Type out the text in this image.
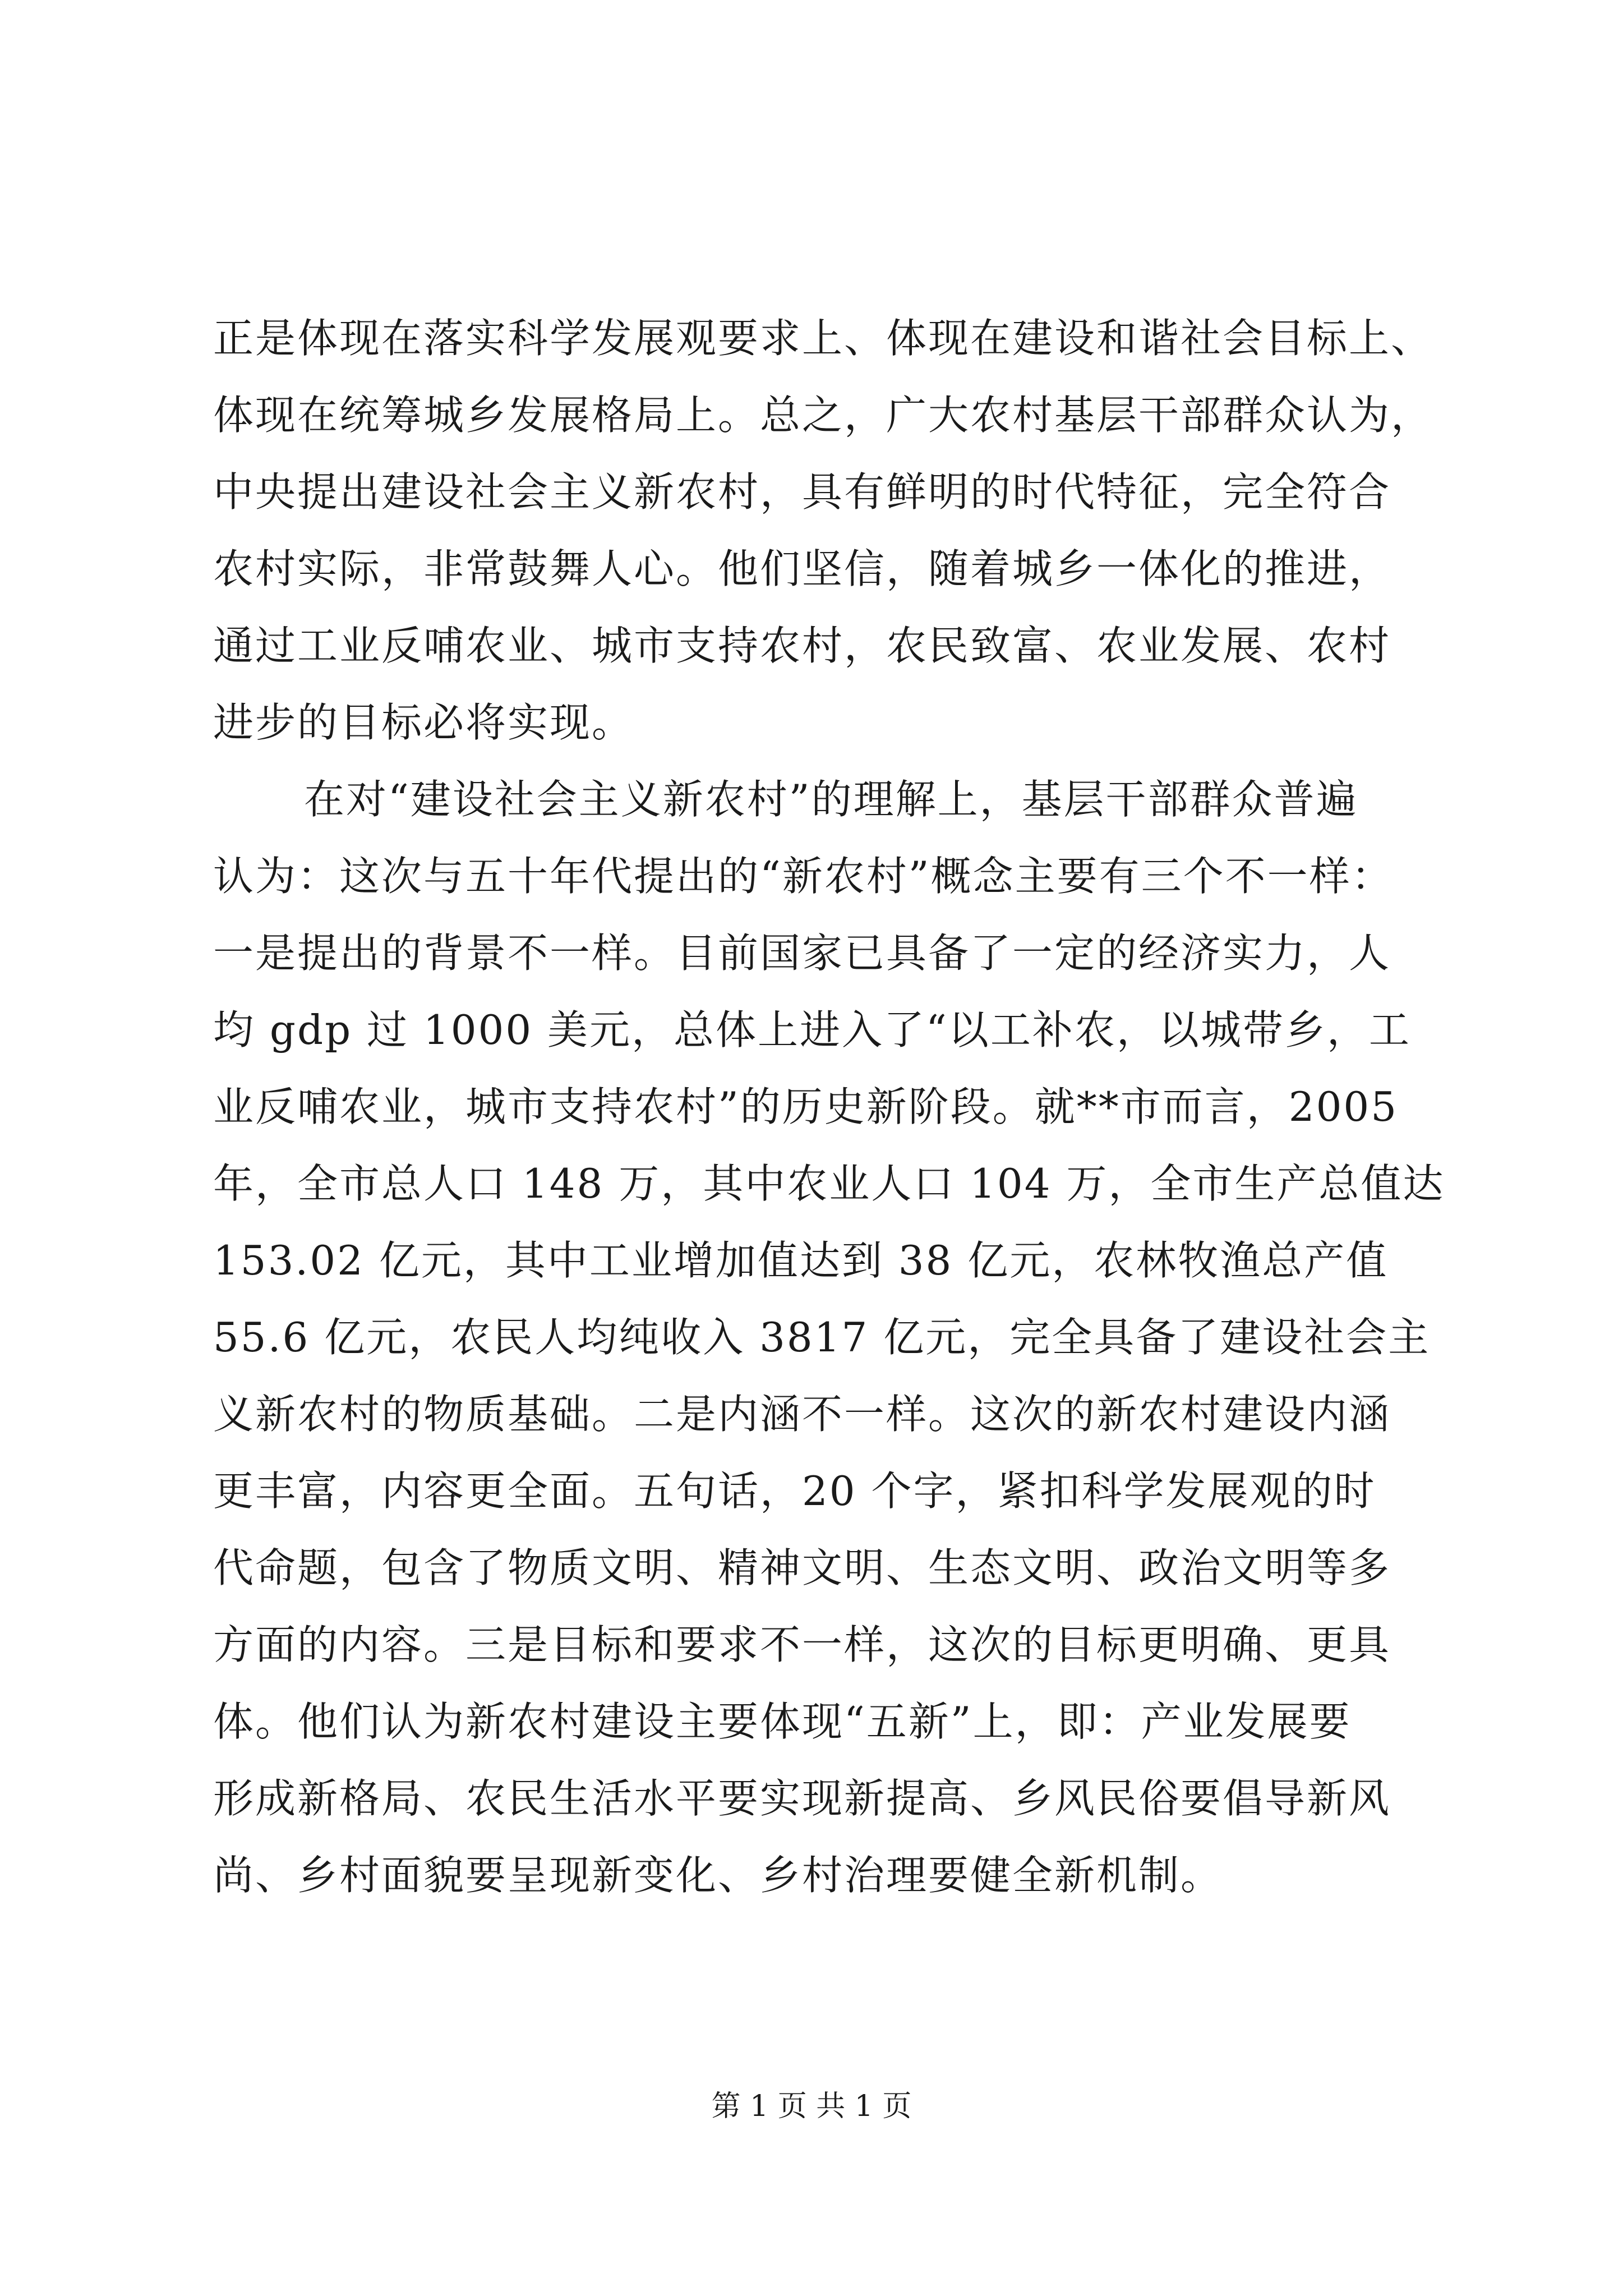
正是体现在落实科学发展观要求上、体现在建设和谐社会目标上、
体现在统筹城乡发展格局上。总之，广大农村基层干部群众认为，
中央提出建设社会主义新农村，具有鲜明的时代特征，完全符合
农村实际，非常鼓舞人心。他们坚信，随着城乡一体化的推进，
通过工业反哺农业、城市支持农村，农民致富、农业发展、农村
进步的目标必将实现。
在对“建设社会主义新农村”的理解上，基层干部群众普遍
认为：这次与五十年代提出的“新农村”概念主要有三个不一样：
一是提出的背景不一样。目前国家已具备了一定的经济实力，人
均 gdp 过 1000 美元，总体上进入了“以工补农，以城带乡，工
业反哺农业，城市支持农村”的历史新阶段。就**市而言，2005
年，全市总人口 148 万，其中农业人口 104 万，全市生产总值达
153.02 亿元，其中工业增加值达到 38 亿元，农林牧渔总产值
55.6 亿元，农民人均纯收入 3817 亿元，完全具备了建设社会主
义新农村的物质基础。二是内涵不一样。这次的新农村建设内涵
更丰富，内容更全面。五句话，20 个字，紧扣科学发展观的时
代命题，包含了物质文明、精神文明、生态文明、政治文明等多
方面的内容。三是目标和要求不一样，这次的目标更明确、更具
体。他们认为新农村建设主要体现“五新”上，即：产业发展要
形成新格局、农民生活水平要实现新提高、乡风民俗要倡导新风
尚、乡村面貌要呈现新变化、乡村治理要健全新机制。
第 1 页 共 1 页
